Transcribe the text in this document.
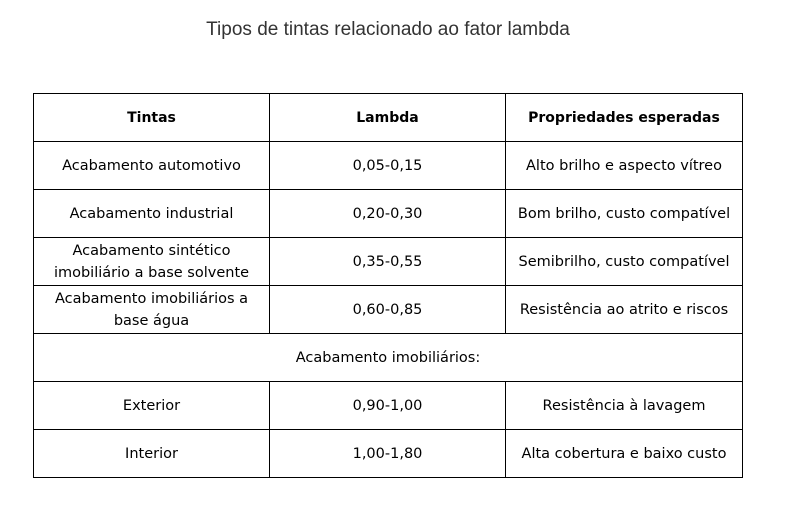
Tipos de tintas relacionado ao fator lambda
Tintas	Lambda	Propriedades esperadas
Acabamento automotivo	0,05-0,15	Alto brilho e aspecto vítreo
Acabamento industrial	0,20-0,30	Bom brilho, custo compatível
Acabamento sintético imobiliário a base solvente	0,35-0,55	Semibrilho, custo compatível
Acabamento imobiliários a base água	0,60-0,85	Resistência ao atrito e riscos
Acabamento imobiliários:		
Exterior	0,90-1,00	Resistência à lavagem
Interior	1,00-1,80	Alta cobertura e baixo custo
